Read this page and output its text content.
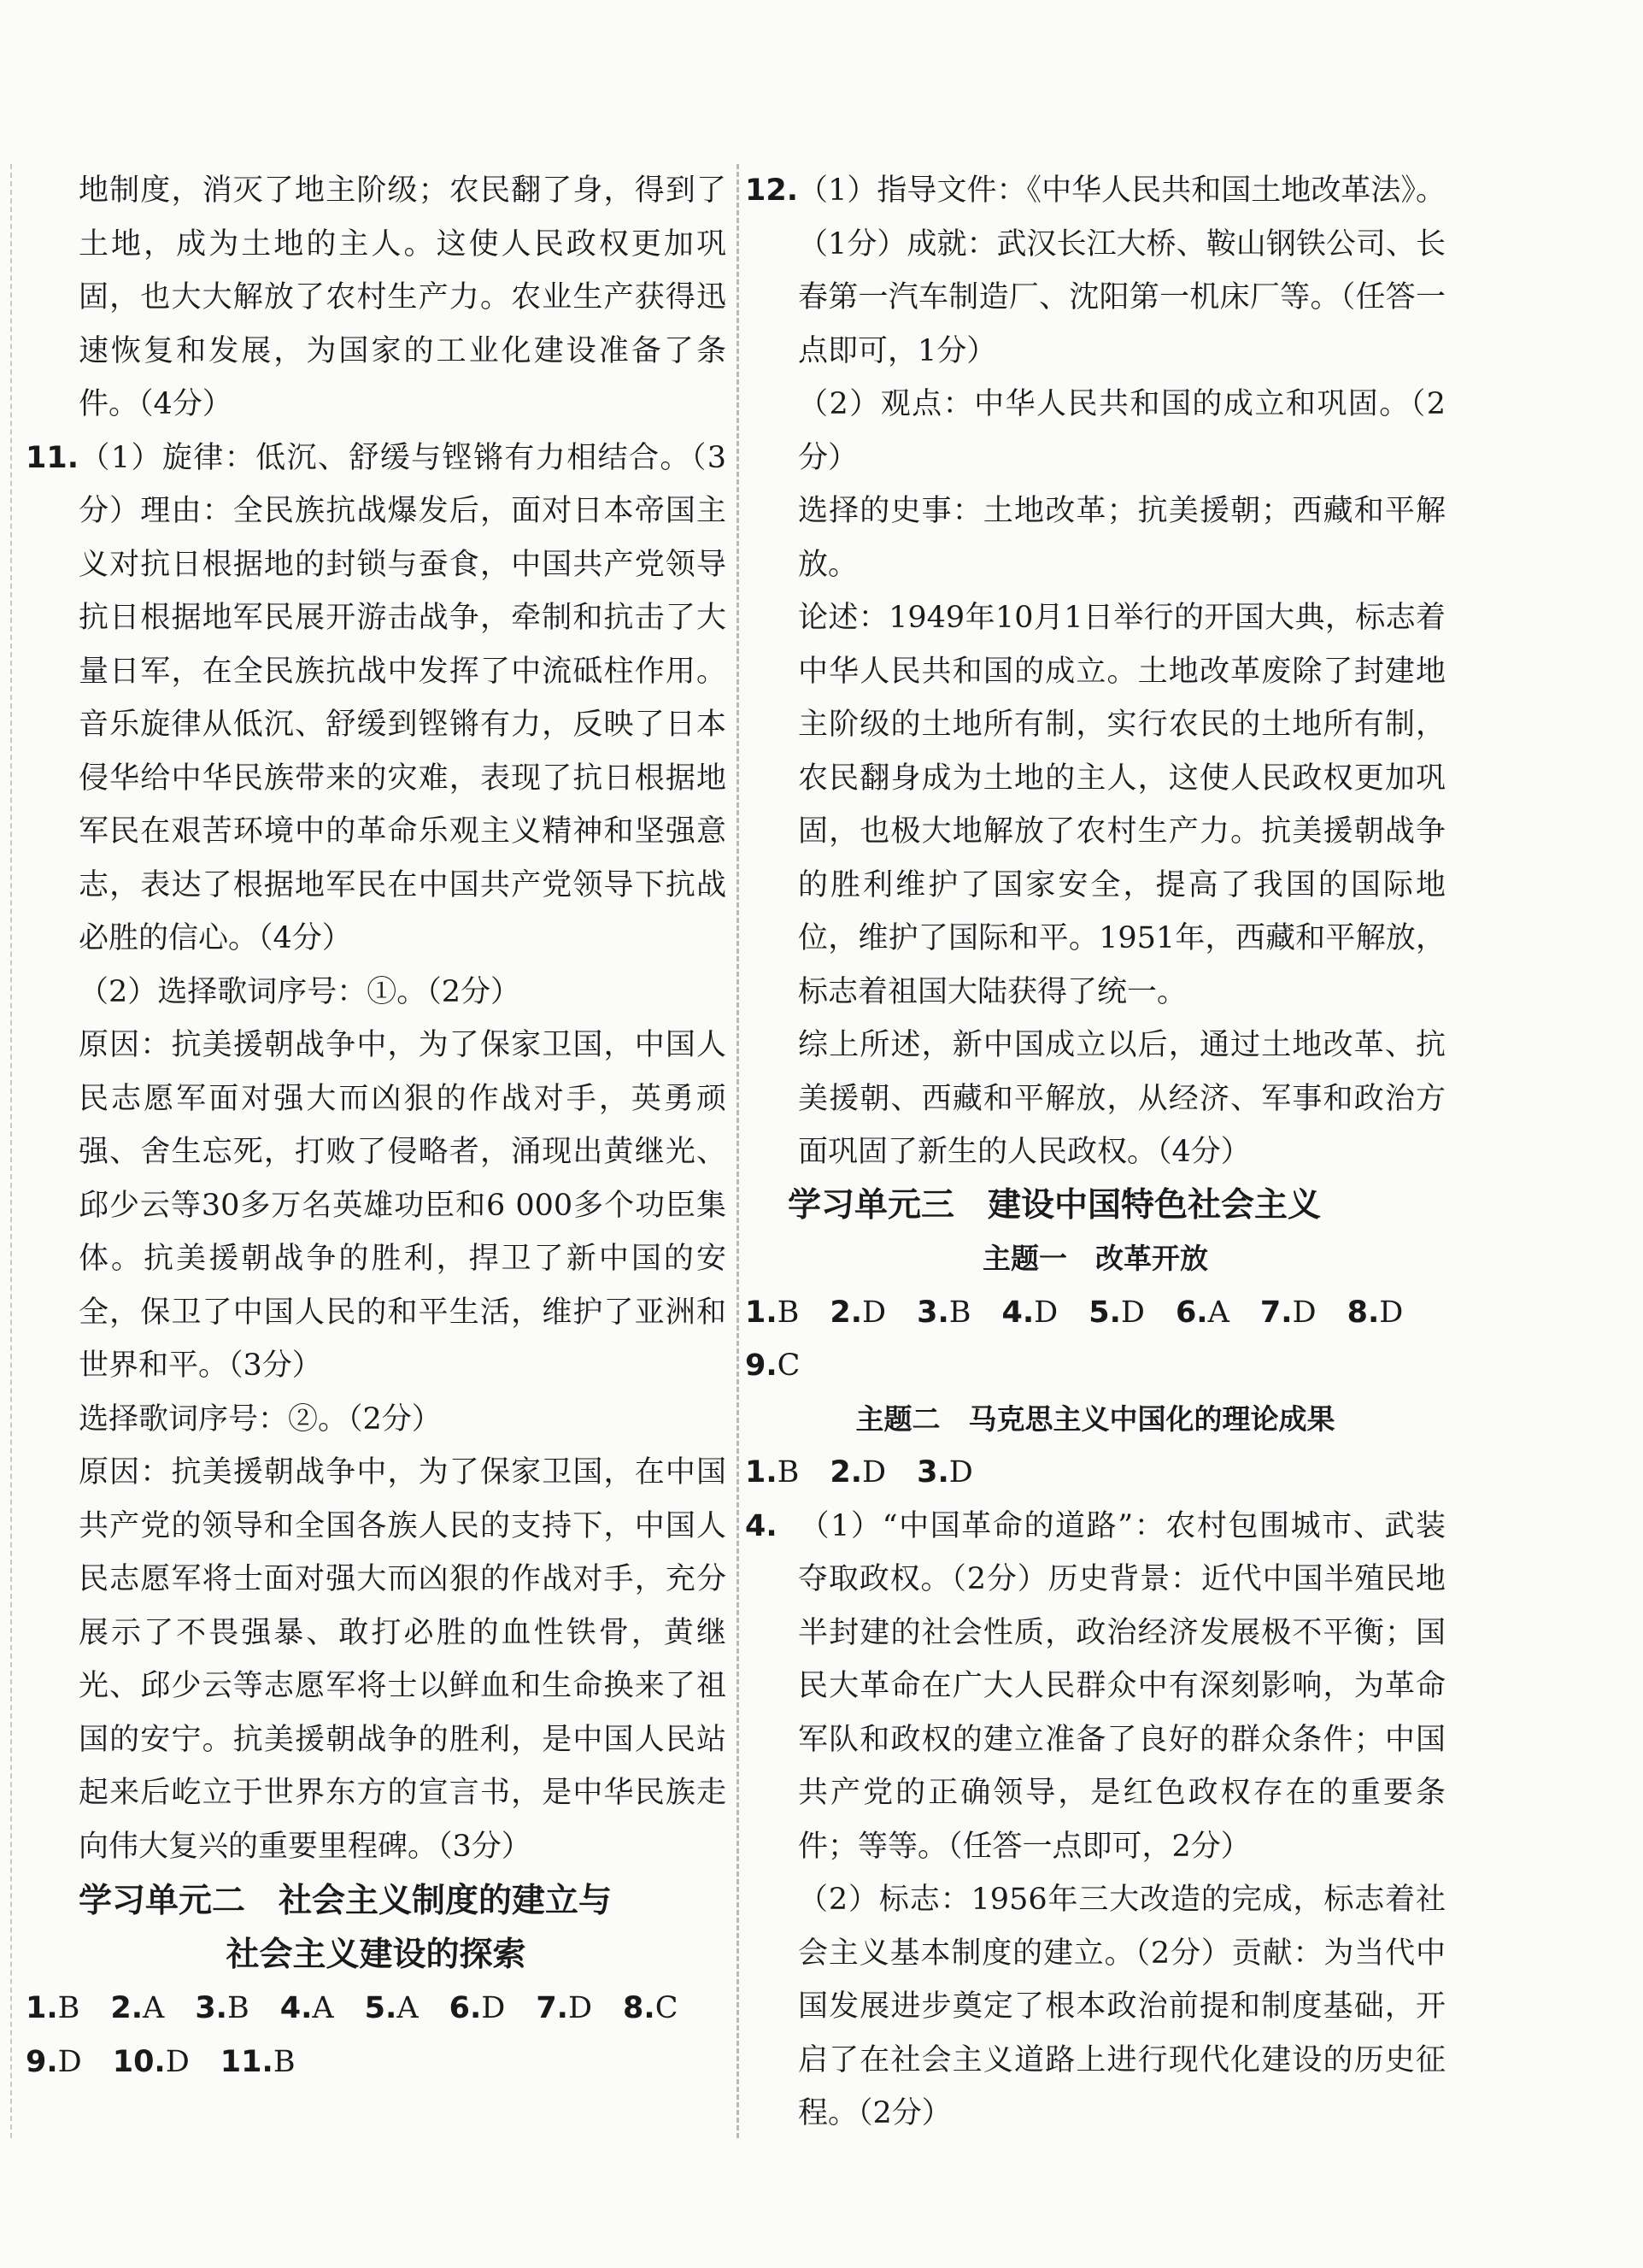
地制度，消灭了地主阶级；农民翻了身，得到了土地，成为土地的主人。这使人民政权更加巩固，也大大解放了农村生产力。农业生产获得迅速恢复和发展，为国家的工业化建设准备了条件。（4分）

11.（1）旋律：低沉、舒缓与铿锵有力相结合。（3分）理由：全民族抗战爆发后，面对日本帝国主义对抗日根据地的封锁与蚕食，中国共产党领导抗日根据地军民展开游击战争，牵制和抗击了大量日军，在全民族抗战中发挥了中流砥柱作用。音乐旋律从低沉、舒缓到铿锵有力，反映了日本侵华给中华民族带来的灾难，表现了抗日根据地军民在艰苦环境中的革命乐观主义精神和坚强意志，表达了根据地军民在中国共产党领导下抗战必胜的信心。（4分）

（2）选择歌词序号：①。（2分）

原因：抗美援朝战争中，为了保家卫国，中国人民志愿军面对强大而凶狠的作战对手，英勇顽强、舍生忘死，打败了侵略者，涌现出黄继光、邱少云等30多万名英雄功臣和6 000多个功臣集体。抗美援朝战争的胜利，捍卫了新中国的安全，保卫了中国人民的和平生活，维护了亚洲和世界和平。（3分）

选择歌词序号：②。（2分）

原因：抗美援朝战争中，为了保家卫国，在中国共产党的领导和全国各族人民的支持下，中国人民志愿军将士面对强大而凶狠的作战对手，充分展示了不畏强暴、敢打必胜的血性铁骨，黄继光、邱少云等志愿军将士以鲜血和生命换来了祖国的安宁。抗美援朝战争的胜利，是中国人民站起来后屹立于世界东方的宣言书，是中华民族走向伟大复兴的重要里程碑。（3分）

学习单元二　社会主义制度的建立与

社会主义建设的探索

1.B 2.A 3.B 4.A 5.A 6.D 7.D 8.C
9.D 10.D 11.B
12.（1）指导文件：《中华人民共和国土地改革法》。（1分）成就：武汉长江大桥、鞍山钢铁公司、长春第一汽车制造厂、沈阳第一机床厂等。（任答一点即可，1分）

（2）观点：中华人民共和国的成立和巩固。（2分）

选择的史事：土地改革；抗美援朝；西藏和平解放。

论述：1949年10月1日举行的开国大典，标志着中华人民共和国的成立。土地改革废除了封建地主阶级的土地所有制，实行农民的土地所有制，农民翻身成为土地的主人，这使人民政权更加巩固，也极大地解放了农村生产力。抗美援朝战争的胜利维护了国家安全，提高了我国的国际地位，维护了国际和平。1951年，西藏和平解放，标志着祖国大陆获得了统一。

综上所述，新中国成立以后，通过土地改革、抗美援朝、西藏和平解放，从经济、军事和政治方面巩固了新生的人民政权。（4分）

学习单元三　建设中国特色社会主义

主题一　改革开放

1.B 2.D 3.B 4.D 5.D 6.A 7.D 8.D
9.C

主题二　马克思主义中国化的理论成果

1.B 2.D 3.D
4. （1）“中国革命的道路”：农村包围城市、武装夺取政权。（2分）历史背景：近代中国半殖民地半封建的社会性质，政治经济发展极不平衡；国民大革命在广大人民群众中有深刻影响，为革命军队和政权的建立准备了良好的群众条件；中国共产党的正确领导，是红色政权存在的重要条件；等等。（任答一点即可，2分）

（2）标志：1956年三大改造的完成，标志着社会主义基本制度的建立。（2分）贡献：为当代中国发展进步奠定了根本政治前提和制度基础，开启了在社会主义道路上进行现代化建设的历史征程。（2分）
